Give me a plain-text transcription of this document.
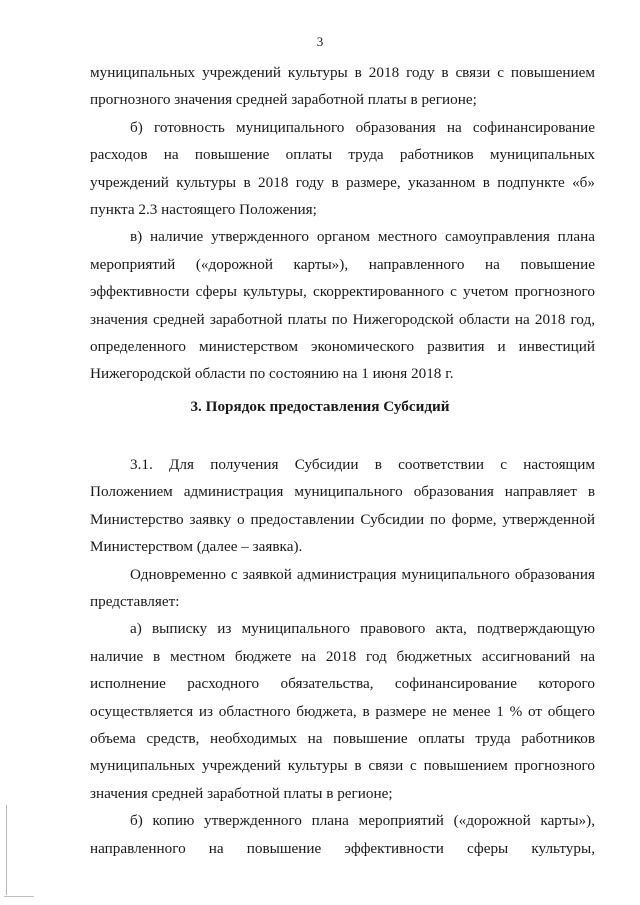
3
муниципальных учреждений культуры в 2018 году в связи с повышением
прогнозного значения средней заработной платы в регионе;
б) готовность муниципального образования на софинансирование
расходов на повышение оплаты труда работников муниципальных
учреждений культуры в 2018 году в размере, указанном в подпункте «б»
пункта 2.3 настоящего Положения;
в) наличие утвержденного органом местного самоуправления плана
мероприятий («дорожной карты»), направленного на повышение
эффективности сферы культуры, скорректированного с учетом прогнозного
значения средней заработной платы по Нижегородской области на 2018 год,
определенного министерством экономического развития и инвестиций
Нижегородской области по состоянию на 1 июня 2018 г.
3. Порядок предоставления Субсидий
3.1. Для получения Субсидии в соответствии с настоящим
Положением администрация муниципального образования направляет в
Министерство заявку о предоставлении Субсидии по форме, утвержденной
Министерством (далее – заявка).
Одновременно с заявкой администрация муниципального образования
представляет:
а) выписку из муниципального правового акта, подтверждающую
наличие в местном бюджете на 2018 год бюджетных ассигнований на
исполнение расходного обязательства, софинансирование которого
осуществляется из областного бюджета, в размере не менее 1 % от общего
объема средств, необходимых на повышение оплаты труда работников
муниципальных учреждений культуры в связи с повышением прогнозного
значения средней заработной платы в регионе;
б) копию утвержденного плана мероприятий («дорожной карты»),
направленного на повышение эффективности сферы культуры,
